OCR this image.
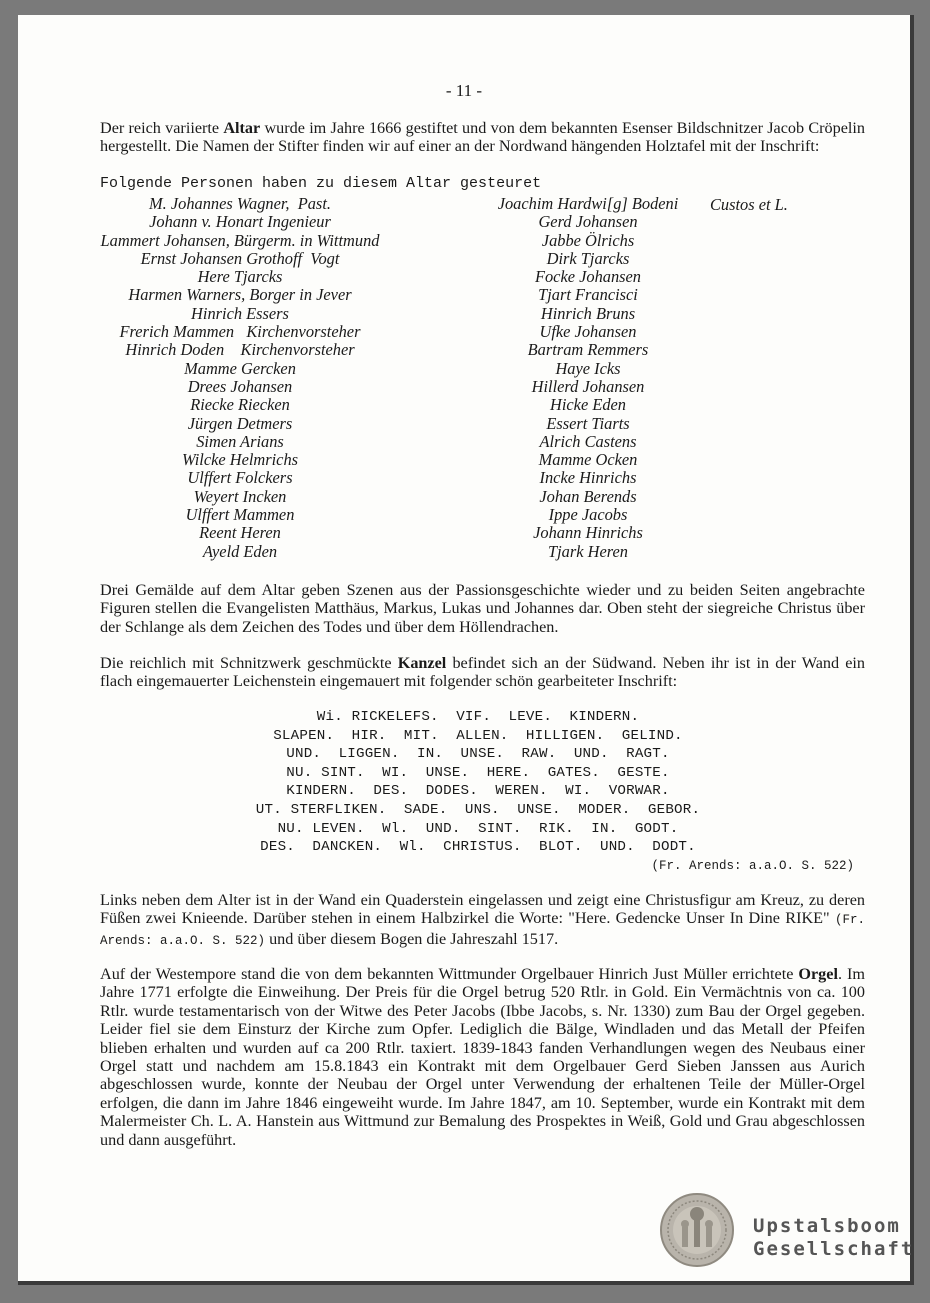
- 11 -

Der reich variierte Altar wurde im Jahre 1666 gestiftet und von dem bekannten Esenser Bildschnitzer Jacob Cröpelin hergestellt. Die Namen der Stifter finden wir auf einer an der Nordwand hängenden Holztafel mit der Inschrift:

Folgende Personen haben zu diesem Altar gesteuret
M. Johannes Wagner,  Past.
Johann v. Honart Ingenieur
Lammert Johansen, Bürgerm. in Wittmund
Ernst Johansen Grothoff  Vogt
Here Tjarcks
Harmen Warners, Borger in Jever
Hinrich Essers
Frerich Mammen   Kirchenvorsteher
Hinrich Doden    Kirchenvorsteher
Mamme Gercken
Drees Johansen
Riecke Riecken
Jürgen Detmers
Simen Arians
Wilcke Helmrichs
Ulffert Folckers
Weyert Incken
Ulffert Mammen
Reent Heren
Ayeld Eden
Joachim Hardwi[g] Bodeni
Gerd Johansen
Jabbe Ölrichs
Dirk Tjarcks
Focke Johansen
Tjart Francisci
Hinrich Bruns
Ufke Johansen
Bartram Remmers
Haye Icks
Hillerd Johansen
Hicke Eden
Essert Tiarts
Alrich Castens
Mamme Ocken
Incke Hinrichs
Johan Berends
Ippe Jacobs
Johann Hinrichs
Tjark Heren
Custos et L.

Drei Gemälde auf dem Altar geben Szenen aus der Passionsgeschichte wieder und zu beiden Seiten angebrachte Figuren stellen die Evangelisten Matthäus, Markus, Lukas und Johannes dar. Oben steht der siegreiche Christus über der Schlange als dem Zeichen des Todes und über dem Höllendrachen.

Die reichlich mit Schnitzwerk geschmückte Kanzel befindet sich an der Südwand. Neben ihr ist in der Wand ein flach eingemauerter Leichenstein eingemauert mit folgender schön gearbeiteter Inschrift:

Wi. RICKELEFS.  VIF.  LEVE.  KINDERN.
SLAPEN.  HIR.  MIT.  ALLEN.  HILLIGEN.  GELIND.
UND.  LIGGEN.  IN.  UNSE.  RAW.  UND.  RAGT.
NU. SINT.  WI.  UNSE.  HERE.  GATES.  GESTE.
KINDERN.  DES.  DODES.  WEREN.  WI.  VORWAR.
UT. STERFLIKEN.  SADE.  UNS.  UNSE.  MODER.  GEBOR.
NU. LEVEN.  Wl.  UND.  SINT.  RIK.  IN.  GODT.
DES.  DANCKEN.  Wl.  CHRISTUS.  BLOT.  UND.  DODT.
(Fr. Arends: a.a.O. S. 522)

Links neben dem Alter ist in der Wand ein Quaderstein eingelassen und zeigt eine Christusfigur am Kreuz, zu deren Füßen zwei Knieende. Darüber stehen in einem Halbzirkel die Worte: "Here. Gedencke Unser In Dine RIKE" (Fr. Arends: a.a.O. S. 522) und über diesem Bogen die Jahreszahl 1517.

Auf der Westempore stand die von dem bekannten Wittmunder Orgelbauer Hinrich Just Müller errichtete Orgel. Im Jahre 1771 erfolgte die Einweihung. Der Preis für die Orgel betrug 520 Rtlr. in Gold. Ein Vermächtnis von ca. 100 Rtlr. wurde testamentarisch von der Witwe des Peter Jacobs (Ibbe Jacobs, s. Nr. 1330) zum Bau der Orgel gegeben. Leider fiel sie dem Einsturz der Kirche zum Opfer. Lediglich die Bälge, Windladen und das Metall der Pfeifen blieben erhalten und wurden auf ca 200 Rtlr. taxiert. 1839-1843 fanden Verhandlungen wegen des Neubaus einer Orgel statt und nachdem am 15.8.1843 ein Kontrakt mit dem Orgelbauer Gerd Sieben Janssen aus Aurich abgeschlossen wurde, konnte der Neubau der Orgel unter Verwendung der erhaltenen Teile der Müller-Orgel erfolgen, die dann im Jahre 1846 eingeweiht wurde. Im Jahre 1847, am 10. September, wurde ein Kontrakt mit dem Malermeister Ch. L. A. Hanstein aus Wittmund zur Bemalung des Prospektes in Weiß, Gold und Grau abgeschlossen und dann ausgeführt.

Upstalsboom
Gesellschaft
